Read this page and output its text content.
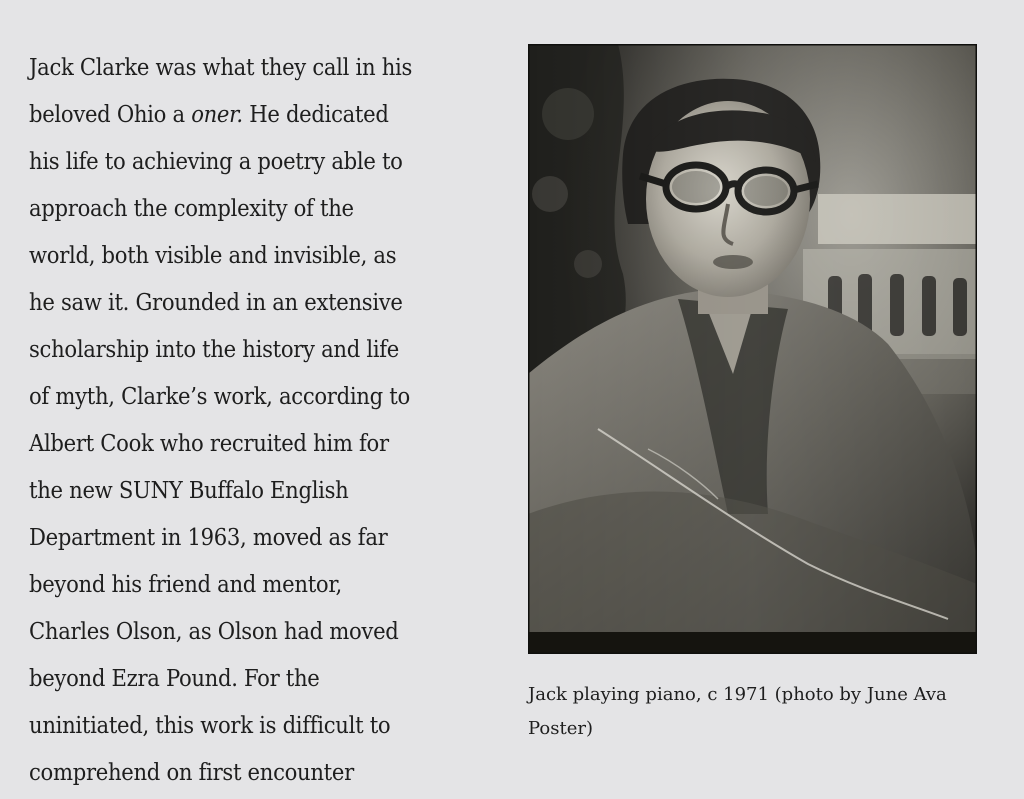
Jack Clarke was what they call in his
beloved Ohio a oner. He dedicated
his life to achieving a poetry able to
approach the complexity of the
world, both visible and invisible, as
he saw it. Grounded in an extensive
scholarship into the history and life
of myth, Clarke’s work, according to
Albert Cook who recruited him for
the new SUNY Buffalo English
Department in 1963, moved as far
beyond his friend and mentor,
Charles Olson, as Olson had moved
beyond Ezra Pound. For the
uninitiated, this work is difficult to
comprehend on first encounter
Jack playing piano, c 1971 (photo by June Ava Poster)
